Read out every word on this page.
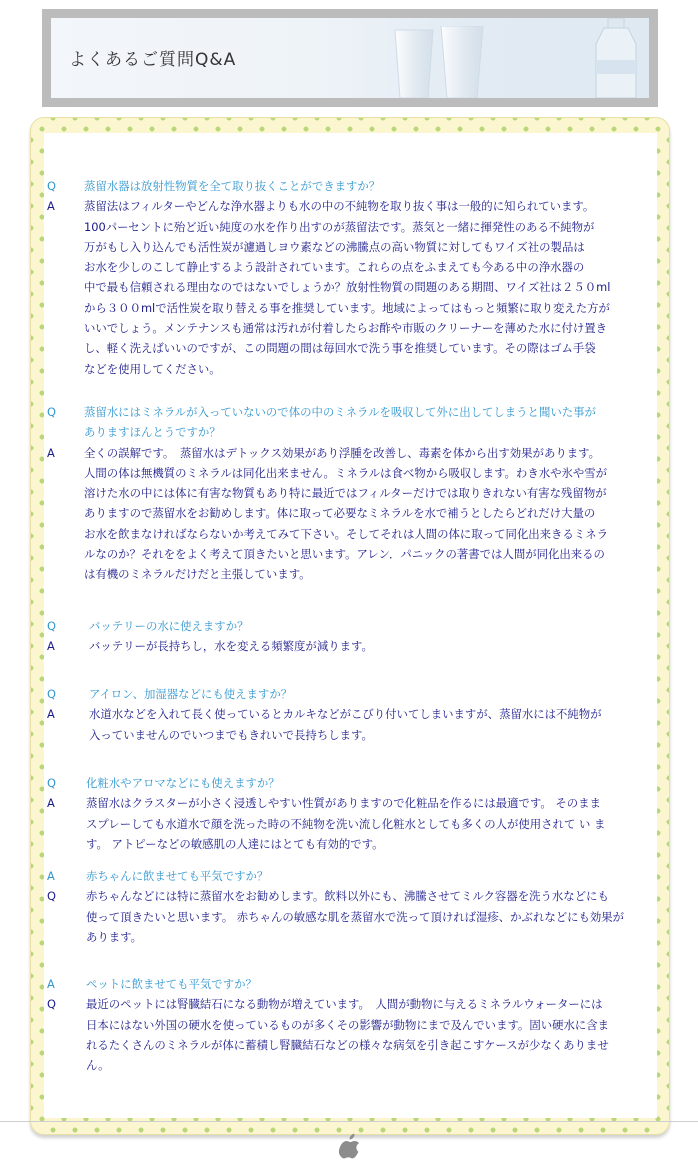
よくあるご質問Q&A
Q 蒸留水器は放射性物質を全て取り抜くことができますか？
A	蒸留法はフィルターやどんな浄水器よりも水の中の不純物を取り抜く事は一般的に知られています。
100パーセントに殆ど近い純度の水を作り出すのが蒸留法です。蒸気と一緒に揮発性のある不純物が
万がもし入り込んでも活性炭が濾過しヨウ素などの沸騰点の高い物質に対してもワイズ社の製品は
お水を少しのこして静止するよう設計されています。これらの点をふまえても今ある中の浄水器の
中で最も信頼される理由なのではないでしょうか？放射性物質の問題のある期間、ワイズ社は２５０ml
から３００mlで活性炭を取り替える事を推奨しています。地域によってはもっと頻繁に取り変えた方が
いいでしょう。メンテナンスも通常は汚れが付着したらお酢や市販のクリーナーを薄めた水に付け置き
し、軽く洗えばいいのですが、この問題の間は毎回水で洗う事を推奨しています。その際はゴム手袋
などを使用してください。
Q 蒸留水にはミネラルが入っていないので体の中のミネラルを吸収して外に出してしまうと聞いた事が
ありますほんとうですか？
A	全くの誤解です。　蒸留水はデトックス効果があり浮腫を改善し、毒素を体から出す効果があります。
人間の体は無機質のミネラルは同化出来ません。ミネラルは食べ物から吸収します。わき水や氷や雪が
溶けた水の中には体に有害な物質もあり特に最近ではフィルターだけでは取りきれない有害な残留物が
ありますので蒸留水をお勧めします。体に取って必要なミネラルを水で補うとしたらどれだけ大量の
お水を飲まなければならないか考えてみて下さい。そしてそれは人間の体に取って同化出来きるミネラ
ルなのか？それををよく考えて頂きたいと思います。アレン．パニックの著書では人間が同化出来るの
は有機のミネラルだけだと主張しています。
Q	バッテリーの水に使えますか？
A	バッテリーが長持ちし，水を変える頻繁度が減ります。
Q	アイロン、加湿器などにも使えますか？
A	水道水などを入れて長く使っているとカルキなどがこびり付いてしまいますが、蒸留水には不純物が
入っていませんのでいつまでもきれいで長持ちします。
Q	化粧水やアロマなどにも使えますか？
A	蒸留水はクラスターが小さく浸透しやすい性質がありますので化粧品を作るには最適です。 そのまま
スプレーしても水道水で顔を洗った時の不純物を洗い流し化粧水としても多くの人が使用されて い ま
す。 アトピーなどの敏感肌の人達にはとても有効的です。
A	赤ちゃんに飲ませても平気ですか？
Q	赤ちゃんなどには特に蒸留水をお勧めします。飲料以外にも、沸騰させてミルク容器を洗う水などにも
使って頂きたいと思います。 赤ちゃんの敏感な肌を蒸留水で洗って頂ければ湿疹、かぶれなどにも効果が
あります。
A	ペットに飲ませても平気ですか？
Q	最近のペットには腎臓結石になる動物が増えています。　人間が動物に与えるミネラルウォーターには
日本にはない外国の硬水を使っているものが多くその影響が動物にまで及んでいます。固い硬水に含ま
れるたくさんのミネラルが体に蓄積し腎臓結石などの様々な病気を引き起こすケースが少なくありませ
ん。
